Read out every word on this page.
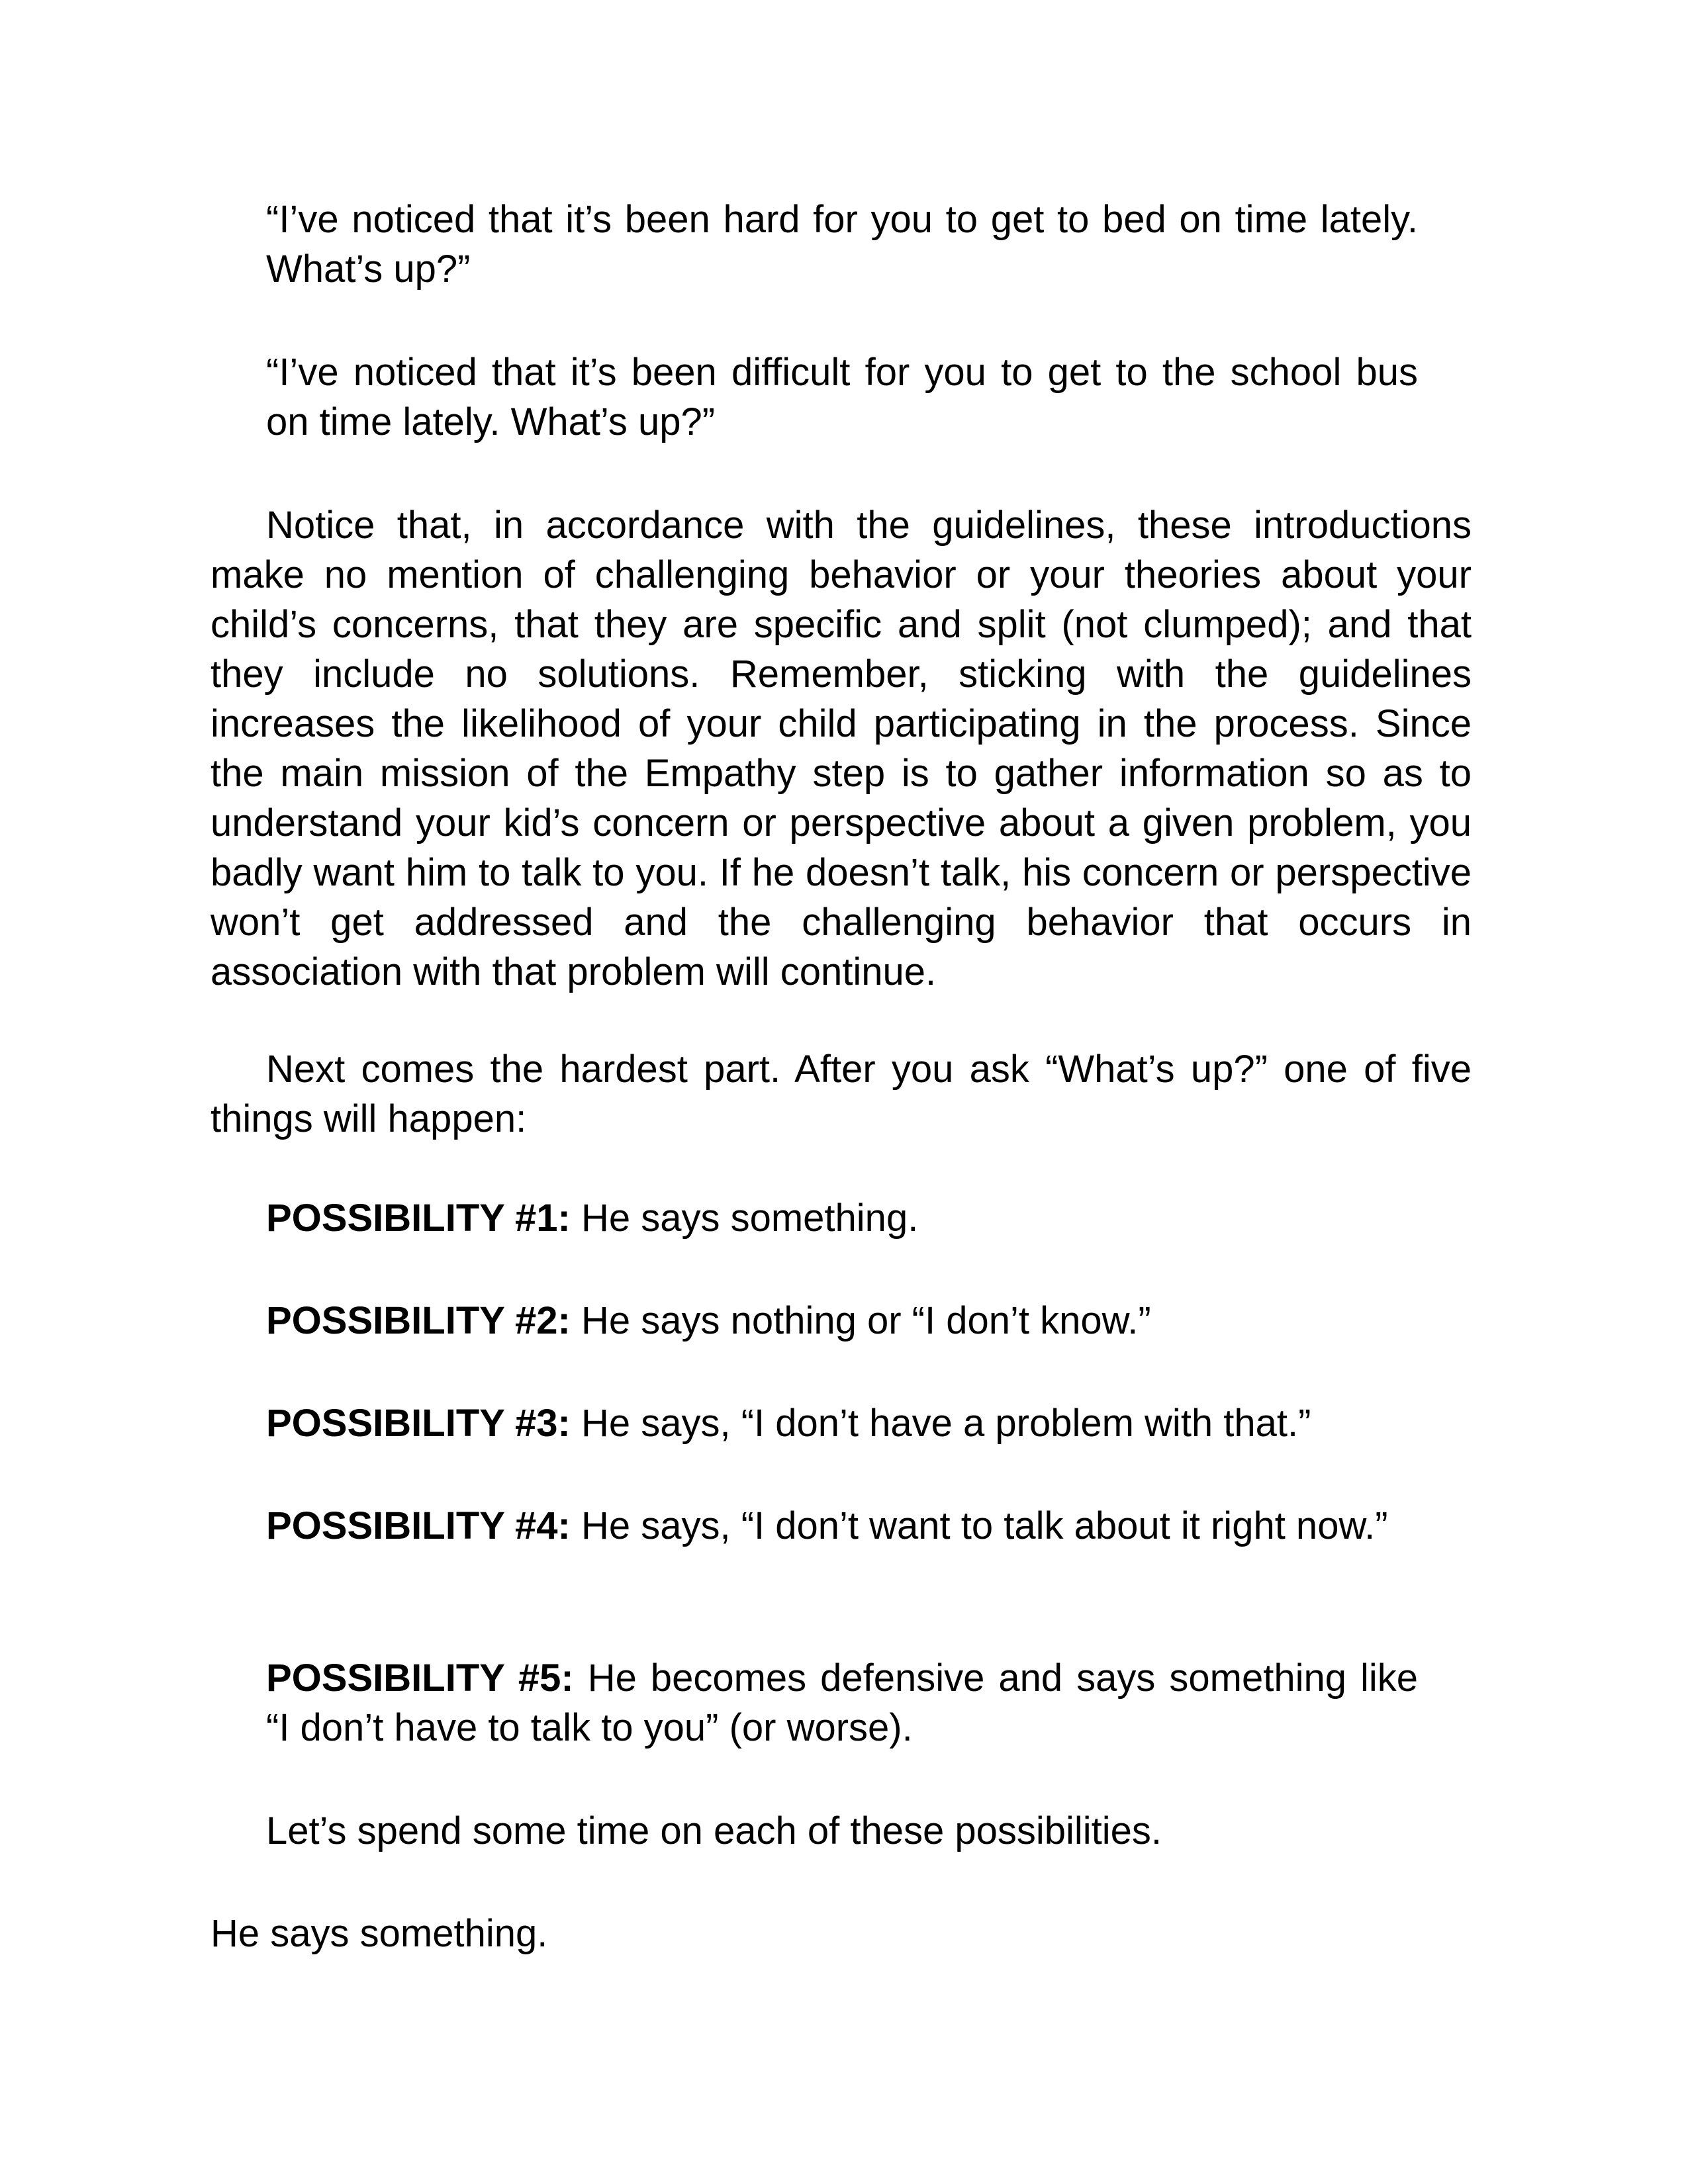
“I’ve noticed that it’s been hard for you to get to bed on time lately. What’s up?”

“I’ve noticed that it’s been difficult for you to get to the school bus on time lately. What’s up?”

Notice that, in accordance with the guidelines, these introductions make no mention of challenging behavior or your theories about your child’s concerns, that they are specific and split (not clumped); and that they include no solutions. Remember, sticking with the guidelines increases the likelihood of your child participating in the process. Since the main mission of the Empathy step is to gather information so as to understand your kid’s concern or perspective about a given problem, you badly want him to talk to you. If he doesn’t talk, his concern or perspective won’t get addressed and the challenging behavior that occurs in association with that problem will continue.

Next comes the hardest part. After you ask “What’s up?” one of five things will happen:

POSSIBILITY #1: He says something.

POSSIBILITY #2: He says nothing or “I don’t know.”

POSSIBILITY #3: He says, “I don’t have a problem with that.”

POSSIBILITY #4: He says, “I don’t want to talk about it right now.”

POSSIBILITY #5: He becomes defensive and says something like “I don’t have to talk to you” (or worse).

Let’s spend some time on each of these possibilities.

He says something.
